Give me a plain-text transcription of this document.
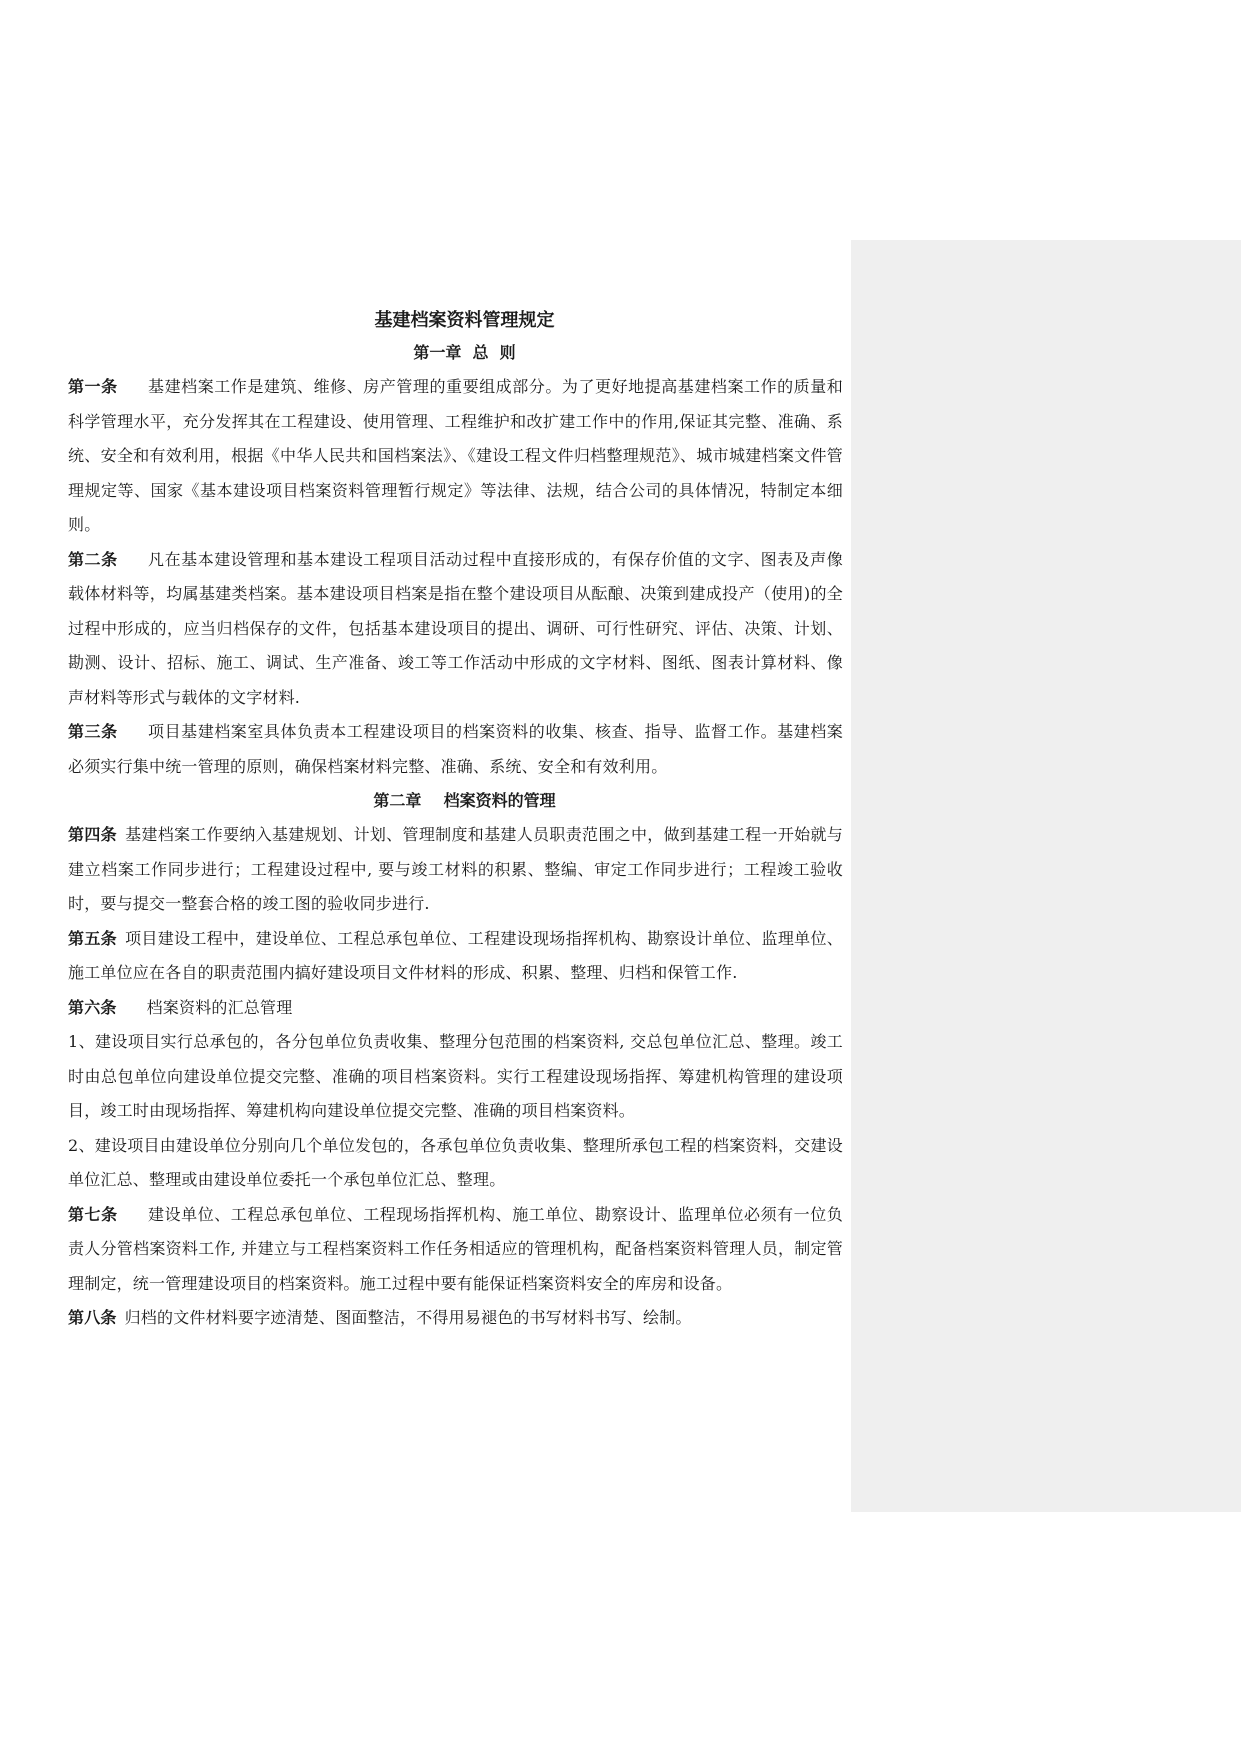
基建档案资料管理规定
第一章  总  则

第一条 基建档案工作是建筑、维修、房产管理的重要组成部分。为了更好地提高基建档案工作的质量和科学管理水平，充分发挥其在工程建设、使用管理、工程维护和改扩建工作中的作用,保证其完整、准确、系统、安全和有效利用，根据《中华人民共和国档案法》、《建设工程文件归档整理规范》、城市城建档案文件管理规定等、国家《基本建设项目档案资料管理暂行规定》等法律、法规，结合公司的具体情况，特制定本细则。

第二条 凡在基本建设管理和基本建设工程项目活动过程中直接形成的，有保存价值的文字、图表及声像载体材料等，均属基建类档案。基本建设项目档案是指在整个建设项目从酝酿、决策到建成投产（使用)的全过程中形成的，应当归档保存的文件，包括基本建设项目的提出、调研、可行性研究、评估、决策、计划、勘测、设计、招标、施工、调试、生产准备、竣工等工作活动中形成的文字材料、图纸、图表计算材料、像声材料等形式与载体的文字材料.

第三条 项目基建档案室具体负责本工程建设项目的档案资料的收集、核查、指导、监督工作。基建档案必须实行集中统一管理的原则，确保档案材料完整、准确、系统、安全和有效利用。

第二章    档案资料的管理

第四条 基建档案工作要纳入基建规划、计划、管理制度和基建人员职责范围之中，做到基建工程一开始就与建立档案工作同步进行；工程建设过程中, 要与竣工材料的积累、整编、审定工作同步进行；工程竣工验收时，要与提交一整套合格的竣工图的验收同步进行.

第五条 项目建设工程中，建设单位、工程总承包单位、工程建设现场指挥机构、勘察设计单位、监理单位、施工单位应在各自的职责范围内搞好建设项目文件材料的形成、积累、整理、归档和保管工作.

第六条 档案资料的汇总管理

1、建设项目实行总承包的，各分包单位负责收集、整理分包范围的档案资料, 交总包单位汇总、整理。竣工时由总包单位向建设单位提交完整、准确的项目档案资料。实行工程建设现场指挥、筹建机构管理的建设项目，竣工时由现场指挥、筹建机构向建设单位提交完整、准确的项目档案资料。

2、建设项目由建设单位分别向几个单位发包的，各承包单位负责收集、整理所承包工程的档案资料，交建设单位汇总、整理或由建设单位委托一个承包单位汇总、整理。

第七条 建设单位、工程总承包单位、工程现场指挥机构、施工单位、勘察设计、监理单位必须有一位负责人分管档案资料工作, 并建立与工程档案资料工作任务相适应的管理机构，配备档案资料管理人员，制定管理制定，统一管理建设项目的档案资料。施工过程中要有能保证档案资料安全的库房和设备。

第八条 归档的文件材料要字迹清楚、图面整洁，不得用易褪色的书写材料书写、绘制。
